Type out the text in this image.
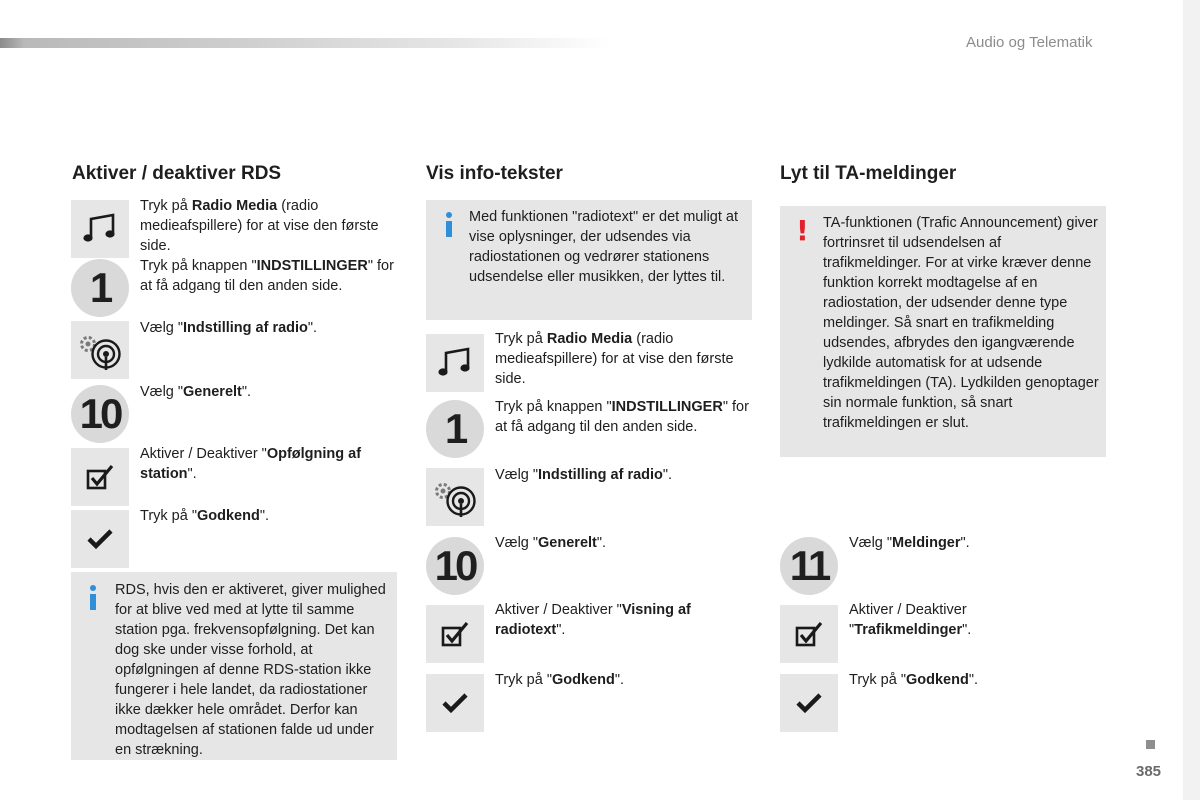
Audio og Telematik
Aktiver / deaktiver RDS
Tryk på Radio Media (radio medieafspillere) for at vise den første side.
1	Tryk på knappen "INDSTILLINGER" for at få adgang til den anden side.
Vælg "Indstilling af radio".
10	Vælg "Generelt".
Aktiver / Deaktiver "Opfølgning af station".
Tryk på "Godkend".
RDS, hvis den er aktiveret, giver mulighed for at blive ved med at lytte til samme station pga. frekvensopfølgning. Det kan dog ske under visse forhold, at opfølgningen af denne RDS-station ikke fungerer i hele landet, da radiostationer ikke dækker hele området. Derfor kan modtagelsen af stationen falde ud under en strækning.
Vis info-tekster
Med funktionen "radiotext" er det muligt at vise oplysninger, der udsendes via radiostationen og vedrører stationens udsendelse eller musikken, der lyttes til.
Tryk på Radio Media (radio medieafspillere) for at vise den første side.
1	Tryk på knappen "INDSTILLINGER" for at få adgang til den anden side.
Vælg "Indstilling af radio".
10	Vælg "Generelt".
Aktiver / Deaktiver "Visning af radiotext".
Tryk på "Godkend".
Lyt til TA-meldinger
! TA-funktionen (Trafic Announcement) giver fortrinsret til udsendelsen af trafikmeldinger. For at virke kræver denne funktion korrekt modtagelse af en radiostation, der udsender denne type meldinger. Så snart en trafikmelding udsendes, afbrydes den igangværende lydkilde automatisk for at udsende trafikmeldingen (TA). Lydkilden genoptager sin normale funktion, så snart trafikmeldingen er slut.
11	Vælg "Meldinger".
Aktiver / Deaktiver "Trafikmeldinger".
Tryk på "Godkend".
385
